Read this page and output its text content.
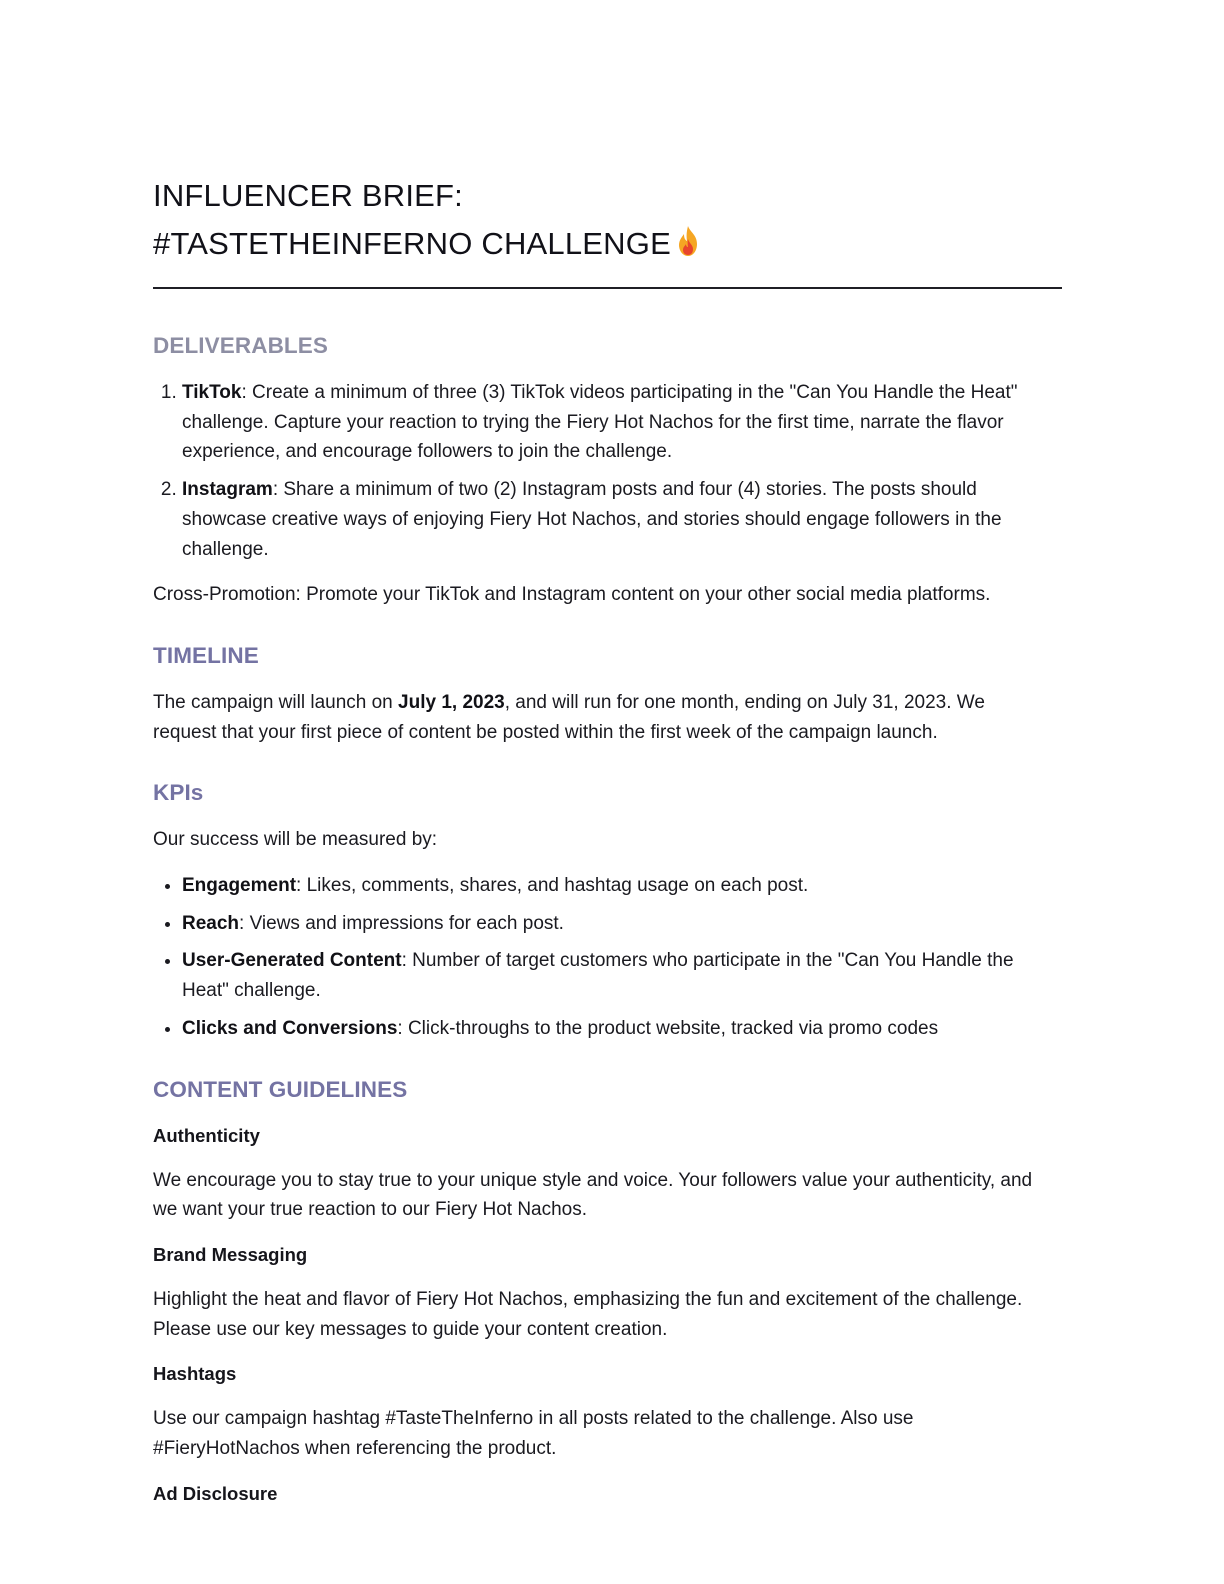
INFLUENCER BRIEF:
#TASTETHEINFERNO CHALLENGE
DELIVERABLES
1. TikTok: Create a minimum of three (3) TikTok videos participating in the "Can You Handle the Heat" challenge. Capture your reaction to trying the Fiery Hot Nachos for the first time, narrate the flavor experience, and encourage followers to join the challenge.
2. Instagram: Share a minimum of two (2) Instagram posts and four (4) stories. The posts should showcase creative ways of enjoying Fiery Hot Nachos, and stories should engage followers in the challenge.

Cross-Promotion: Promote your TikTok and Instagram content on your other social media platforms.

TIMELINE

The campaign will launch on July 1, 2023, and will run for one month, ending on July 31, 2023. We request that your first piece of content be posted within the first week of the campaign launch.

KPIs

Our success will be measured by:

• Engagement: Likes, comments, shares, and hashtag usage on each post.
• Reach: Views and impressions for each post.
• User-Generated Content: Number of target customers who participate in the "Can You Handle the Heat" challenge.
• Clicks and Conversions: Click-throughs to the product website, tracked via promo codes
CONTENT GUIDELINES
Authenticity

We encourage you to stay true to your unique style and voice. Your followers value your authenticity, and we want your true reaction to our Fiery Hot Nachos.

Brand Messaging

Highlight the heat and flavor of Fiery Hot Nachos, emphasizing the fun and excitement of the challenge. Please use our key messages to guide your content creation.

Hashtags

Use our campaign hashtag #TasteTheInferno in all posts related to the challenge. Also use #FieryHotNachos when referencing the product.

Ad Disclosure
